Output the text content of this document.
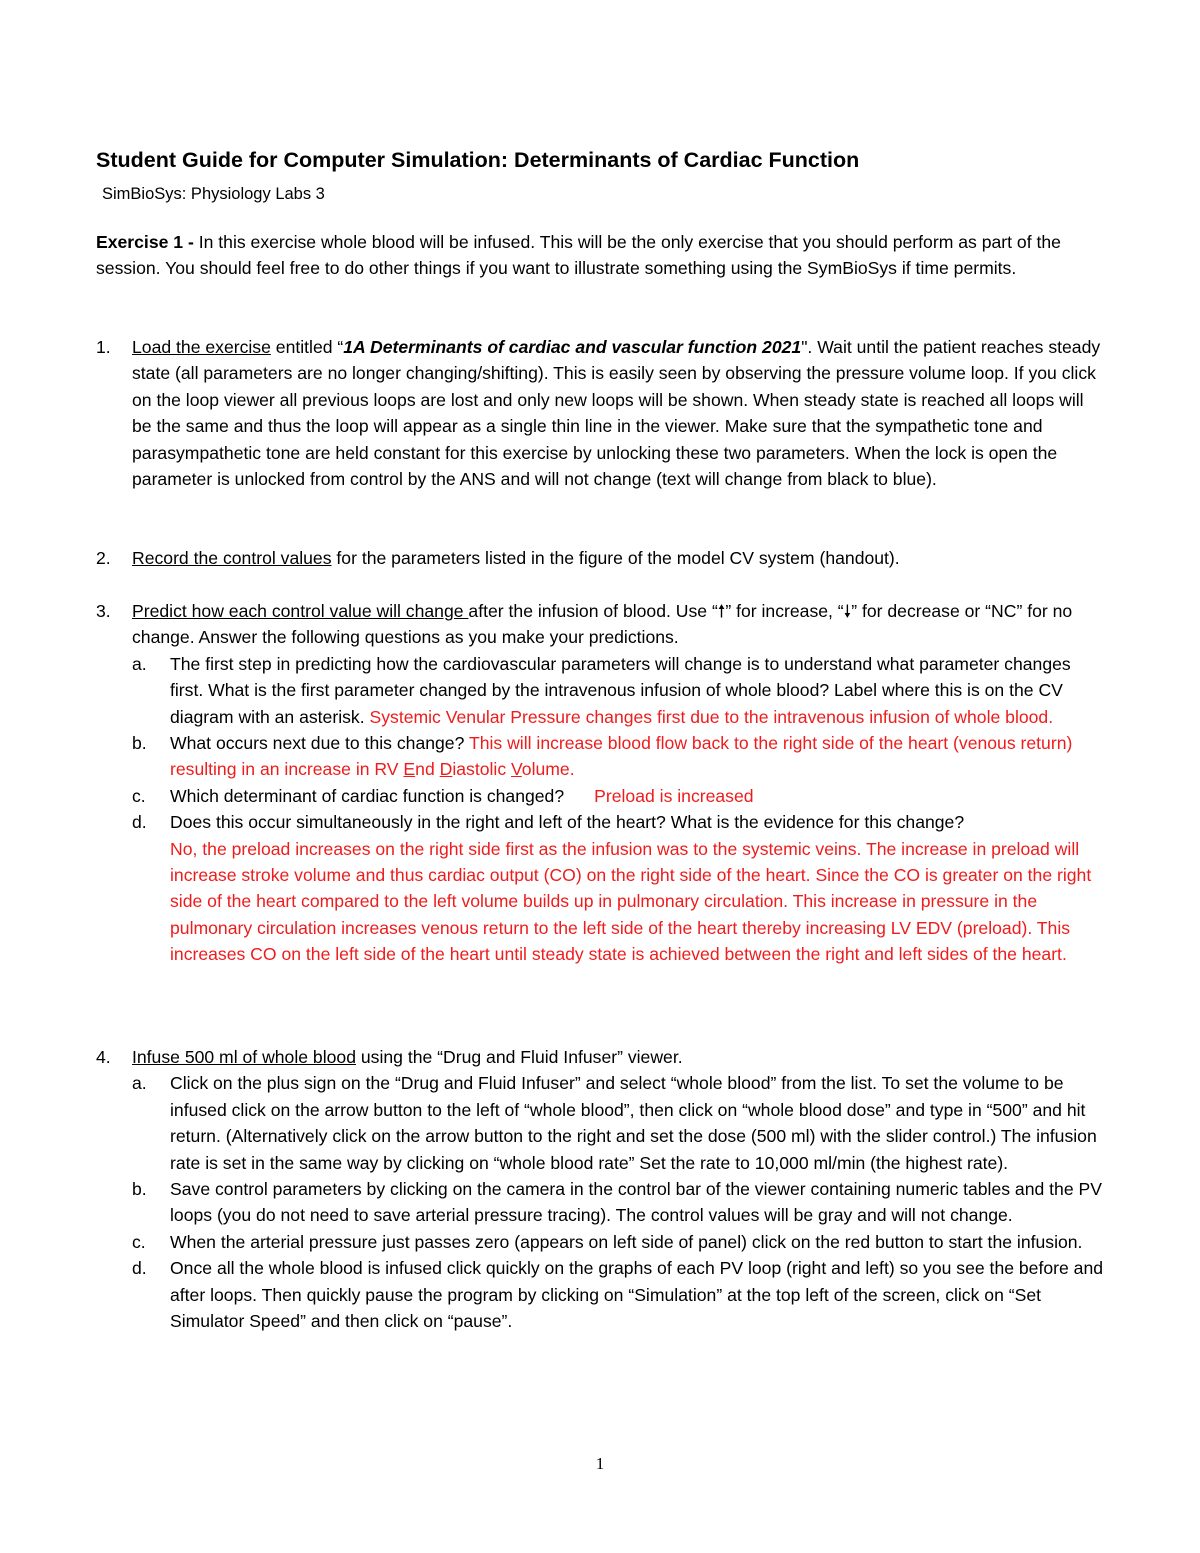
Student Guide for Computer Simulation: Determinants of Cardiac Function
SimBioSys: Physiology Labs 3
Exercise 1 - In this exercise whole blood will be infused. This will be the only exercise that you should perform as part of the session. You should feel free to do other things if you want to illustrate something using the SymBioSys if time permits.
1.	Load the exercise entitled “1A Determinants of cardiac and vascular function 2021". Wait until the patient reaches steady state (all parameters are no longer changing/shifting). This is easily seen by observing the pressure volume loop. If you click on the loop viewer all previous loops are lost and only new loops will be shown. When steady state is reached all loops will be the same and thus the loop will appear as a single thin line in the viewer. Make sure that the sympathetic tone and parasympathetic tone are held constant for this exercise by unlocking these two parameters. When the lock is open the parameter is unlocked from control by the ANS and will not change (text will change from black to blue).
2.	Record the control values for the parameters listed in the figure of the model CV system (handout).
3.	Predict how each control value will change after the infusion of blood. Use “🠕” for increase, “🠗” for decrease or “NC” for no change. Answer the following questions as you make your predictions.
a.	The first step in predicting how the cardiovascular parameters will change is to understand what parameter changes first. What is the first parameter changed by the intravenous infusion of whole blood? Label where this is on the CV diagram with an asterisk. Systemic Venular Pressure changes first due to the intravenous infusion of whole blood.
b.	What occurs next due to this change? This will increase blood flow back to the right side of the heart (venous return) resulting in an increase in RV End Diastolic Volume.
c.	Which determinant of cardiac function is changed? Preload is increased
d.	Does this occur simultaneously in the right and left of the heart? What is the evidence for this change?
No, the preload increases on the right side first as the infusion was to the systemic veins. The increase in preload will increase stroke volume and thus cardiac output (CO) on the right side of the heart. Since the CO is greater on the right side of the heart compared to the left volume builds up in pulmonary circulation. This increase in pressure in the pulmonary circulation increases venous return to the left side of the heart thereby increasing LV EDV (preload). This increases CO on the left side of the heart until steady state is achieved between the right and left sides of the heart.
4.	Infuse 500 ml of whole blood using the “Drug and Fluid Infuser” viewer.
a.	Click on the plus sign on the “Drug and Fluid Infuser” and select “whole blood” from the list. To set the volume to be infused click on the arrow button to the left of “whole blood”, then click on “whole blood dose” and type in “500” and hit return. (Alternatively click on the arrow button to the right and set the dose (500 ml) with the slider control.) The infusion rate is set in the same way by clicking on “whole blood rate” Set the rate to 10,000 ml/min (the highest rate).
b.	Save control parameters by clicking on the camera in the control bar of the viewer containing numeric tables and the PV loops (you do not need to save arterial pressure tracing). The control values will be gray and will not change.
c.	When the arterial pressure just passes zero (appears on left side of panel) click on the red button to start the infusion.
d.	Once all the whole blood is infused click quickly on the graphs of each PV loop (right and left) so you see the before and after loops. Then quickly pause the program by clicking on “Simulation” at the top left of the screen, click on “Set Simulator Speed” and then click on “pause”.
1
